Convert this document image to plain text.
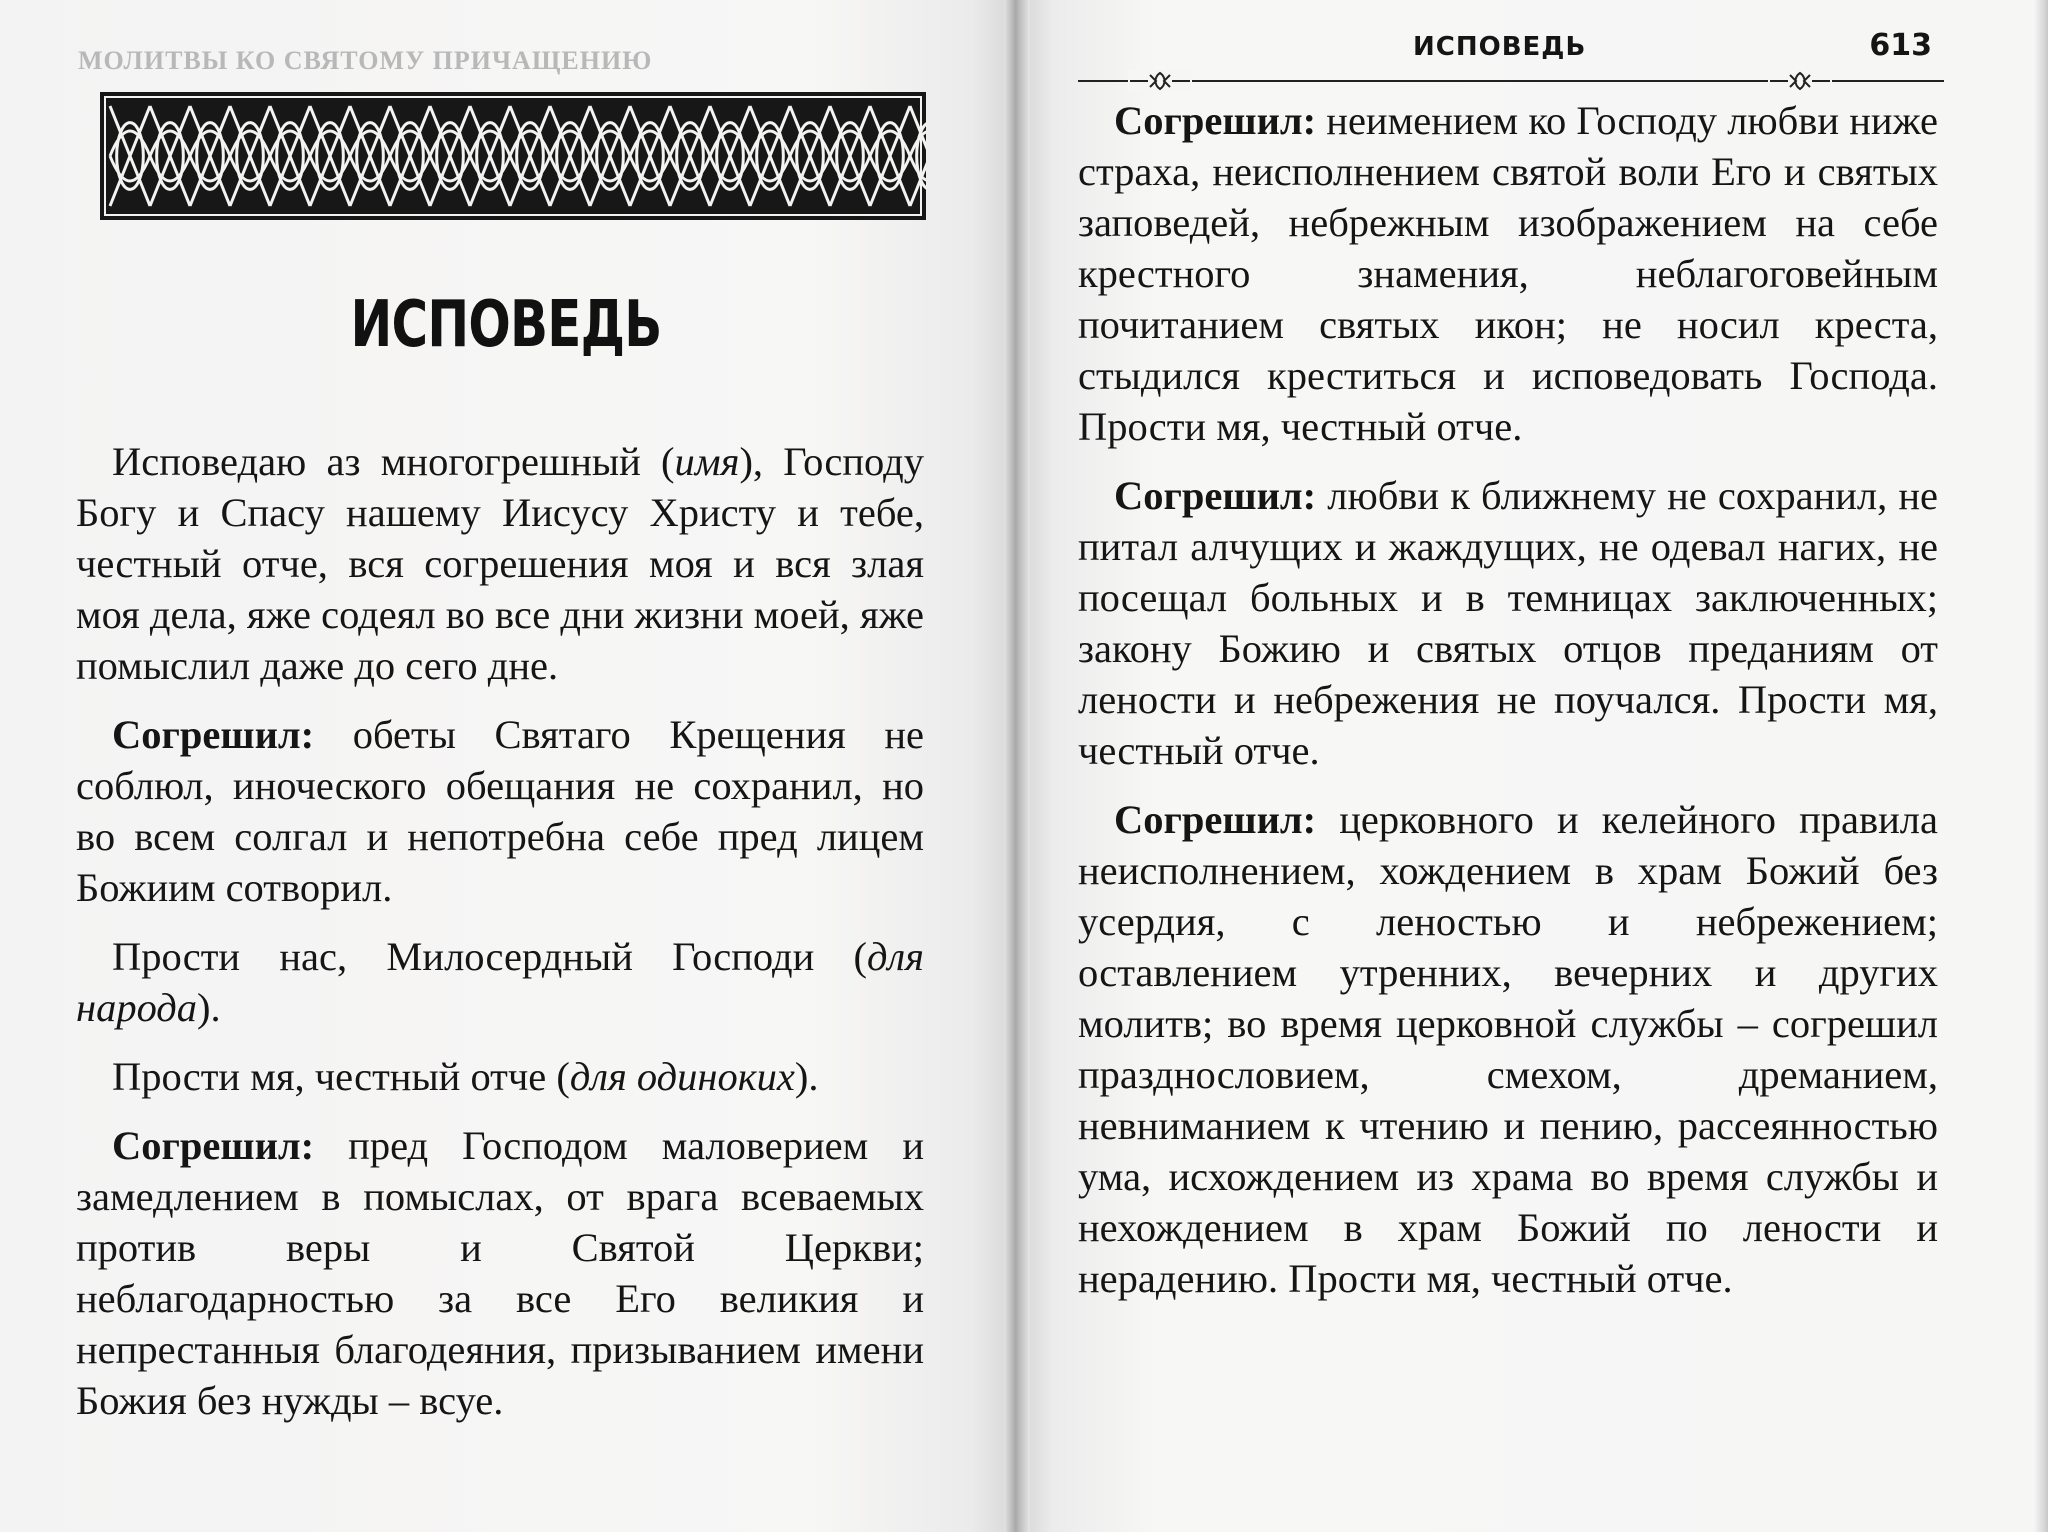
МОЛИТВЫ КО СВЯТОМУ ПРИЧАЩЕНИЮ
ИСПОВЕДЬ

Исповедаю аз многогрешный (имя), Господу Богу и Спасу нашему Иисусу Христу и тебе, честный отче, вся согрешения моя и вся злая моя дела, яже содеял во все дни жизни моей, яже помыслил даже до сего дне.

Согрешил: обеты Святаго Крещения не соблюл, иноческого обещания не сохранил, но во всем солгал и непотребна себе пред лицем Божиим сотворил.

Прости нас, Милосердный Господи (для народа).

Прости мя, честный отче (для одиноких).

Согрешил: пред Господом маловерием и замедлением в помыслах, от врага всеваемых против веры и Святой Церкви; неблагодарностью за все Его великия и непрестанныя благодеяния, призыванием имени Божия без нужды – всуе.

ИСПОВЕДЬ	613

Согрешил: неимением ко Господу любви ниже страха, неисполнением святой воли Его и святых заповедей, небрежным изображением на себе крестного знамения, неблагоговейным почитанием святых икон; не носил креста, стыдился креститься и исповедовать Господа. Прости мя, честный отче.

Согрешил: любви к ближнему не сохранил, не питал алчущих и жаждущих, не одевал нагих, не посещал больных и в темницах заключенных; закону Божию и святых отцов преданиям от лености и небрежения не поучался. Прости мя, честный отче.

Согрешил: церковного и келейного правила неисполнением, хождением в храм Божий без усердия, с леностью и небрежением; оставлением утренних, вечерних и других молитв; во время церковной службы – согрешил празднословием, смехом, дреманием, невниманием к чтению и пению, рассеянностью ума, исхождением из храма во время службы и нехождением в храм Божий по лености и нерадению. Прости мя, честный отче.
